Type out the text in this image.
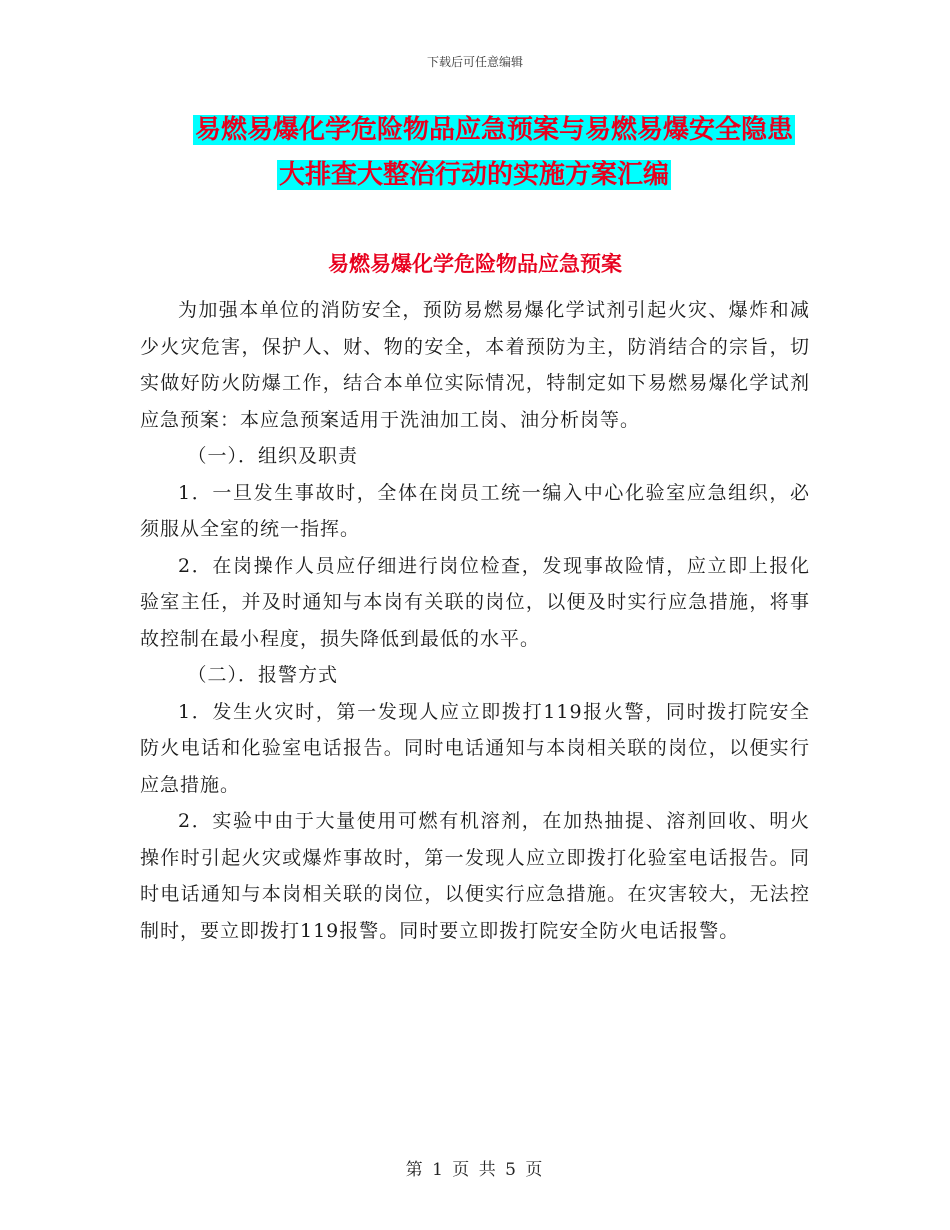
下载后可任意编辑
易燃易爆化学危险物品应急预案与易燃易爆安全隐患
大排查大整治行动的实施方案汇编
易燃易爆化学危险物品应急预案

为加强本单位的消防安全，预防易燃易爆化学试剂引起火灾、爆炸和减少火灾危害，保护人、财、物的安全，本着预防为主，防消结合的宗旨，切实做好防火防爆工作，结合本单位实际情况，特制定如下易燃易爆化学试剂应急预案：本应急预案适用于洗油加工岗、油分析岗等。

（一）．组织及职责

1．一旦发生事故时，全体在岗员工统一编入中心化验室应急组织，必须服从全室的统一指挥。

2．在岗操作人员应仔细进行岗位检查，发现事故险情，应立即上报化验室主任，并及时通知与本岗有关联的岗位，以便及时实行应急措施，将事故控制在最小程度，损失降低到最低的水平。

（二）．报警方式

1．发生火灾时，第一发现人应立即拨打119报火警，同时拨打院安全防火电话和化验室电话报告。同时电话通知与本岗相关联的岗位，以便实行应急措施。

2．实验中由于大量使用可燃有机溶剂，在加热抽提、溶剂回收、明火操作时引起火灾或爆炸事故时，第一发现人应立即拨打化验室电话报告。同时电话通知与本岗相关联的岗位，以便实行应急措施。在灾害较大，无法控制时，要立即拨打119报警。同时要立即拨打院安全防火电话报警。

第 1 页 共 5 页
